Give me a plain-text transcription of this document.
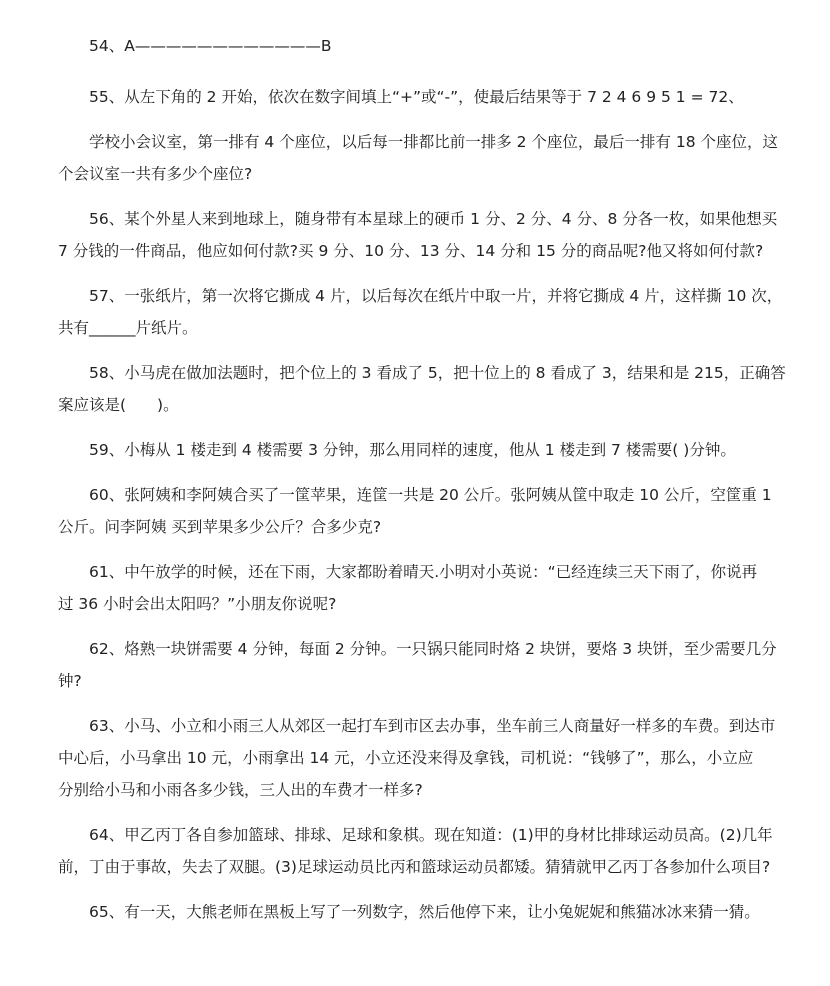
54、A————————————B
55、从左下角的 2 开始，依次在数字间填上“+”或“-”，使最后结果等于 7 2 4 6 9 5 1 = 72、
学校小会议室，第一排有 4 个座位，以后每一排都比前一排多 2 个座位，最后一排有 18 个座位，这
个会议室一共有多少个座位?
56、某个外星人来到地球上，随身带有本星球上的硬币 1 分、2 分、4 分、8 分各一枚，如果他想买
7 分钱的一件商品，他应如何付款?买 9 分、10 分、13 分、14 分和 15 分的商品呢?他又将如何付款?
57、一张纸片，第一次将它撕成 4 片，以后每次在纸片中取一片，并将它撕成 4 片，这样撕 10 次，
共有______片纸片。
58、小马虎在做加法题时，把个位上的 3 看成了 5，把十位上的 8 看成了 3，结果和是 215，正确答
案应该是(　　)。
59、小梅从 1 楼走到 4 楼需要 3 分钟，那么用同样的速度，他从 1 楼走到 7 楼需要( )分钟。
60、张阿姨和李阿姨合买了一筐苹果，连筐一共是 20 公斤。张阿姨从筐中取走 10 公斤，空筐重 1
公斤。问李阿姨 买到苹果多少公斤？合多少克?
61、中午放学的时候，还在下雨，大家都盼着晴天.小明对小英说：“已经连续三天下雨了，你说再
过 36 小时会出太阳吗？”小朋友你说呢?
62、烙熟一块饼需要 4 分钟，每面 2 分钟。一只锅只能同时烙 2 块饼，要烙 3 块饼，至少需要几分
钟?
63、小马、小立和小雨三人从郊区一起打车到市区去办事，坐车前三人商量好一样多的车费。到达市
中心后，小马拿出 10 元，小雨拿出 14 元，小立还没来得及拿钱，司机说：“钱够了”，那么，小立应
分别给小马和小雨各多少钱，三人出的车费才一样多?
64、甲乙丙丁各自参加篮球、排球、足球和象棋。现在知道：(1)甲的身材比排球运动员高。(2)几年
前，丁由于事故，失去了双腿。(3)足球运动员比丙和篮球运动员都矮。猜猜就甲乙丙丁各参加什么项目?
65、有一天，大熊老师在黑板上写了一列数字，然后他停下来，让小兔妮妮和熊猫冰冰来猜一猜。
